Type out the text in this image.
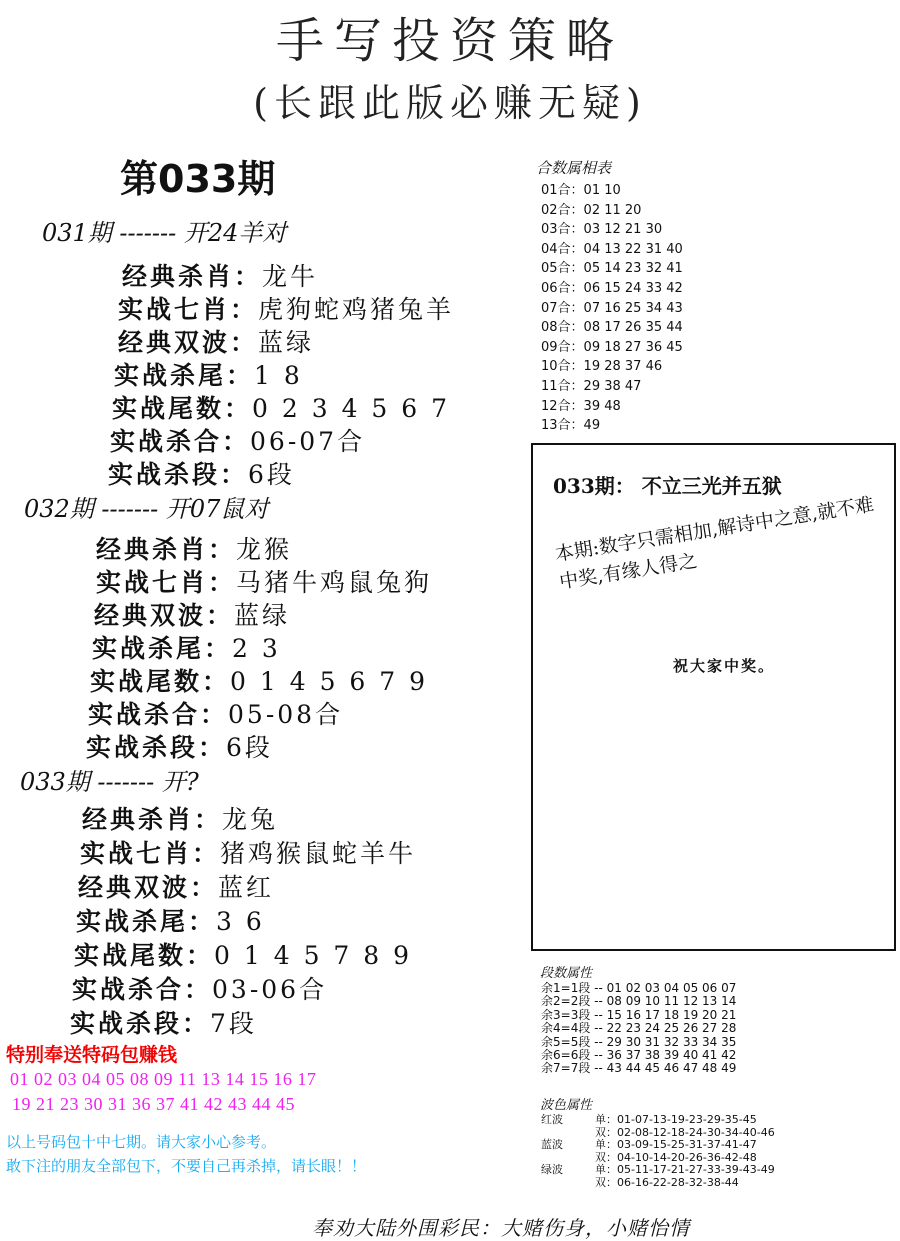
手写投资策略
(长跟此版必赚无疑)
第033期
031期 ------- 开24羊对
经典杀肖：龙牛
实战七肖：虎狗蛇鸡猪兔羊
经典双波：蓝绿
实战杀尾：1 8
实战尾数：0 2 3 4 5 6 7
实战杀合：06-07合
实战杀段：6段
032期 ------- 开07鼠对
经典杀肖：龙猴
实战七肖：马猪牛鸡鼠兔狗
经典双波：蓝绿
实战杀尾：2 3
实战尾数：0 1 4 5 6 7 9
实战杀合：05-08合
实战杀段：6段
033期 ------- 开?
经典杀肖：龙兔
实战七肖：猪鸡猴鼠蛇羊牛
经典双波：蓝红
实战杀尾：3 6
实战尾数：0 1 4 5 7 8 9
实战杀合：03-06合
实战杀段：7段
合数属相表
01合：01 10
02合：02 11 20
03合：03 12 21 30
04合：04 13 22 31 40
05合：05 14 23 32 41
06合：06 15 24 33 42
07合：07 16 25 34 43
08合：08 17 26 35 44
09合：09 18 27 36 45
10合：19 28 37 46
11合：29 38 47
12合：39 48
13合：49
033期： 不立三光并五狱
本期:数字只需相加,解诗中之意,就不难中奖,有缘人得之
祝大家中奖。
段数属性
余1=1段 -- 01 02 03 04 05 06 07
余2=2段 -- 08 09 10 11 12 13 14
余3=3段 -- 15 16 17 18 19 20 21
余4=4段 -- 22 23 24 25 26 27 28
余5=5段 -- 29 30 31 32 33 34 35
余6=6段 -- 36 37 38 39 40 41 42
余7=7段 -- 43 44 45 46 47 48 49
波色属性
红波	单：01-07-13-19-23-29-35-45
双：02-08-12-18-24-30-34-40-46
蓝波	单：03-09-15-25-31-37-41-47
双：04-10-14-20-26-36-42-48
绿波	单：05-11-17-21-27-33-39-43-49
双：06-16-22-28-32-38-44
特别奉送特码包赚钱
01 02 03 04 05 08 09 11 13 14 15 16 17
19 21 23 30 31 36 37 41 42 43 44 45
以上号码包十中七期。请大家小心参考。
敢下注的朋友全部包下，不要自己再杀掉，请长眼！！
奉劝大陆外围彩民：大赌伤身，小赌怡情
